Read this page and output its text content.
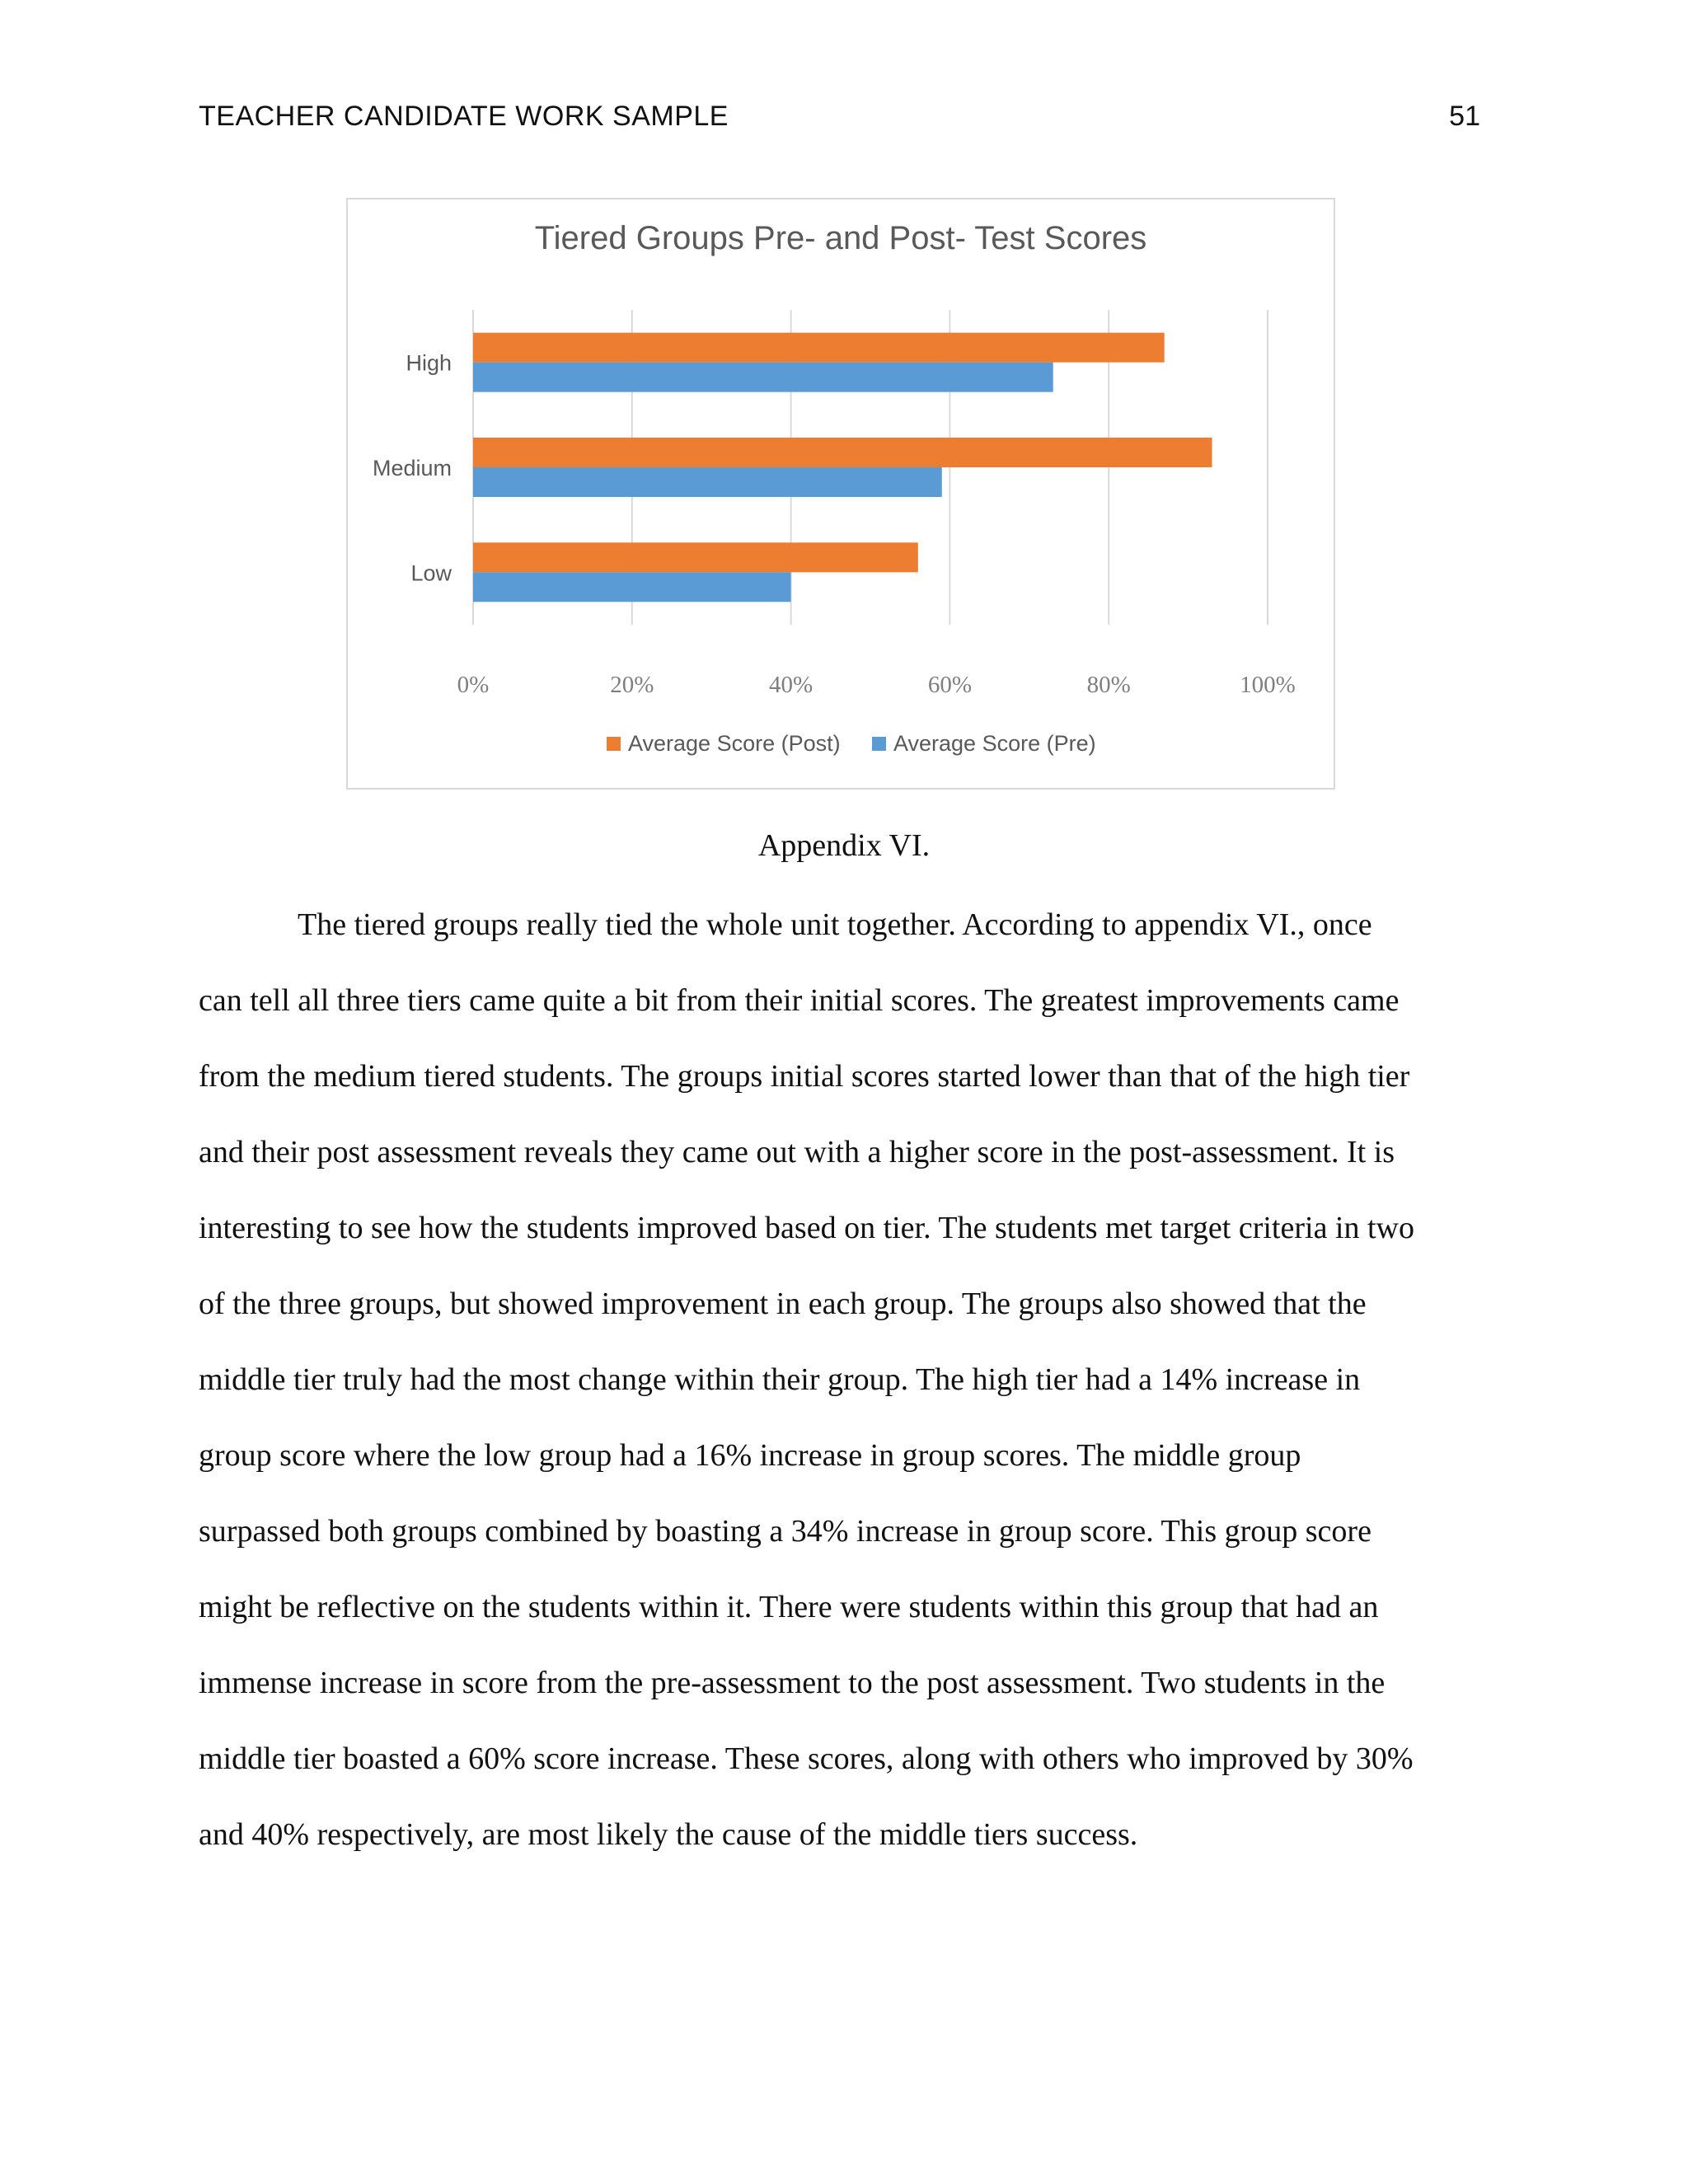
TEACHER CANDIDATE WORK SAMPLE	51
Tiered Groups Pre- and Post- Test Scores
High
Medium
Low
0%	20%	40%	60%	80%	100%
Average Score (Post) Average Score (Pre)
Appendix VI.
The tiered groups really tied the whole unit together. According to appendix VI., once
can tell all three tiers came quite a bit from their initial scores. The greatest improvements came
from the medium tiered students. The groups initial scores started lower than that of the high tier
and their post assessment reveals they came out with a higher score in the post-assessment. It is
interesting to see how the students improved based on tier. The students met target criteria in two
of the three groups, but showed improvement in each group. The groups also showed that the
middle tier truly had the most change within their group. The high tier had a 14% increase in
group score where the low group had a 16% increase in group scores. The middle group
surpassed both groups combined by boasting a 34% increase in group score. This group score
might be reflective on the students within it. There were students within this group that had an
immense increase in score from the pre-assessment to the post assessment. Two students in the
middle tier boasted a 60% score increase. These scores, along with others who improved by 30%
and 40% respectively, are most likely the cause of the middle tiers success.
